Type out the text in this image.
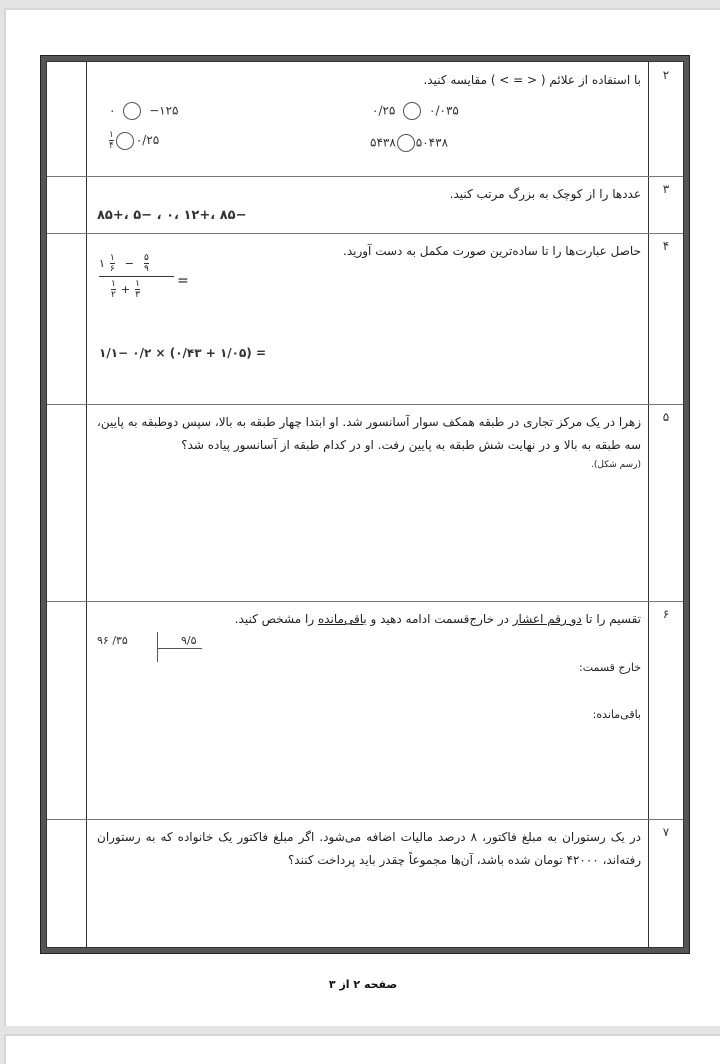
۲
با استفاده از علائم ( < = > ) مقایسه کنید.
۰/۲۵	۰/۰۳۵
۵۴۳۸ ۵۰۴۳۸
۰	−۱۲۵
$\frac{۱}{۴}$ ۰/۲۵
۳
عددها را از کوچک به بزرگ مرتب کنید.
−۸۵ ،+۱۲ ،۰ ، −۵ ،+۸۵
۴
حاصل عبارت‌ها را تا ساده‌ترین صورت مکمل به دست آورید.
۱ $\frac{۱}{۶} - \frac{۵}{۹}$
$\frac{۱}{۲} + \frac{۱}{۳}$	=
۱/۱− ۰/۲ × (۰/۴۳ + ۱/۰۵) =
۵
زهرا در یک مرکز تجاری در طبقه همکف سوار آسانسور شد. او ابتدا چهار طبقه به بالا، سپس دوطبقه به پایین، سه طبقه به بالا و در نهایت شش طبقه به پایین رفت. او در کدام طبقه از آسانسور پیاده شد؟
(رسم شکل).
۶
تقسیم را تا دو رقم اعشار در خارج‌قسمت ادامه دهید و باقی‌مانده را مشخص کنید.
۹۶ /۳۵	۹/۵
خارج قسمت:
باقی‌مانده:
۷
در یک رستوران به مبلغ فاکتور، ۸ درصد مالیات اضافه می‌شود. اگر مبلغ فاکتور یک خانواده که به رستوران رفته‌اند، ۴۲۰۰۰ تومان شده باشد، آن‌ها مجموعاً چقدر باید پرداخت کنند؟
صفحه ۲ از ۳
